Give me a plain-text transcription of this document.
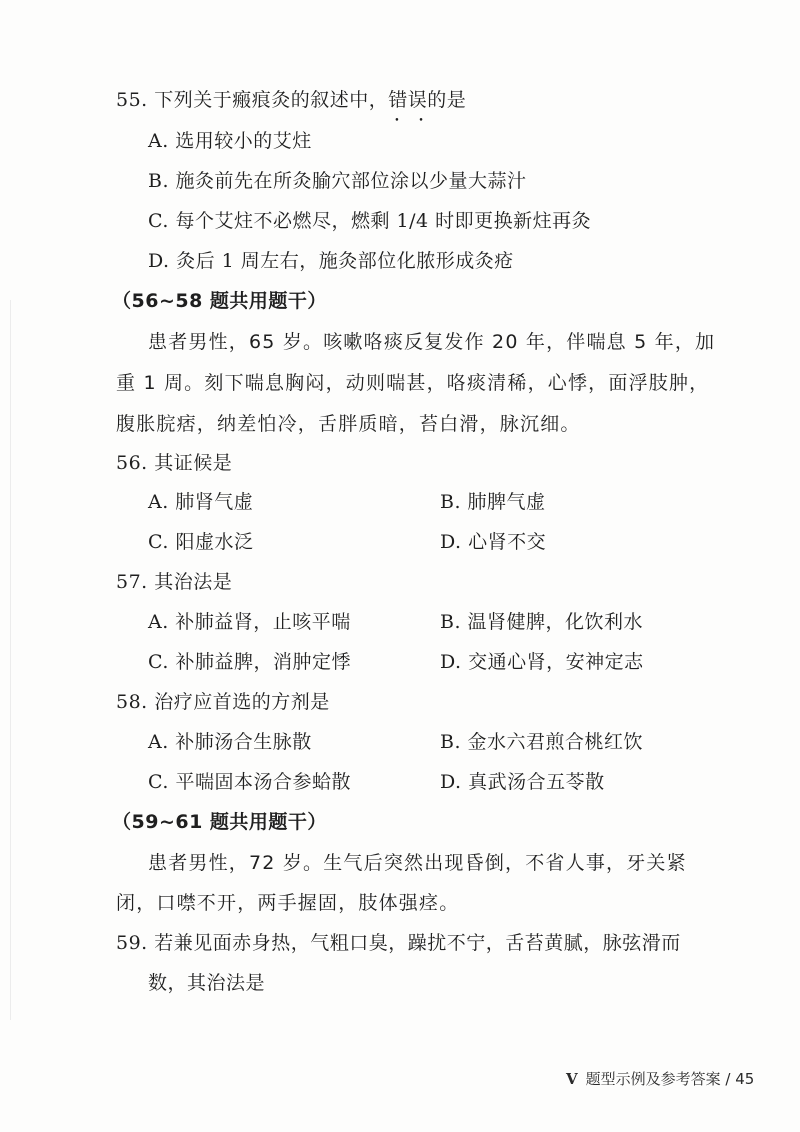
55. 下列关于瘢痕灸的叙述中，错误 • •的是
A. 选用较小的艾炷
B. 施灸前先在所灸腧穴部位涂以少量大蒜汁
C. 每个艾炷不必燃尽，燃剩 1/4 时即更换新炷再灸
D. 灸后 1 周左右，施灸部位化脓形成灸疮
（56~58 题共用题干）
患者男性，65 岁。咳嗽咯痰反复发作 20 年，伴喘息 5 年，加
重 1 周。刻下喘息胸闷，动则喘甚，咯痰清稀，心悸，面浮肢肿，
腹胀脘痞，纳差怕冷，舌胖质暗，苔白滑，脉沉细。
56. 其证候是
A. 肺肾气虚	B. 肺脾气虚
C. 阳虚水泛	D. 心肾不交
57. 其治法是
A. 补肺益肾，止咳平喘	B. 温肾健脾，化饮利水
C. 补肺益脾，消肿定悸	D. 交通心肾，安神定志
58. 治疗应首选的方剂是
A. 补肺汤合生脉散	B. 金水六君煎合桃红饮
C. 平喘固本汤合参蛤散	D. 真武汤合五苓散
（59~61 题共用题干）
患者男性，72 岁。生气后突然出现昏倒，不省人事，牙关紧
闭，口噤不开，两手握固，肢体强痉。
59. 若兼见面赤身热，气粗口臭，躁扰不宁，舌苔黄腻，脉弦滑而
数，其治法是
V 题型示例及参考答案 / 45
